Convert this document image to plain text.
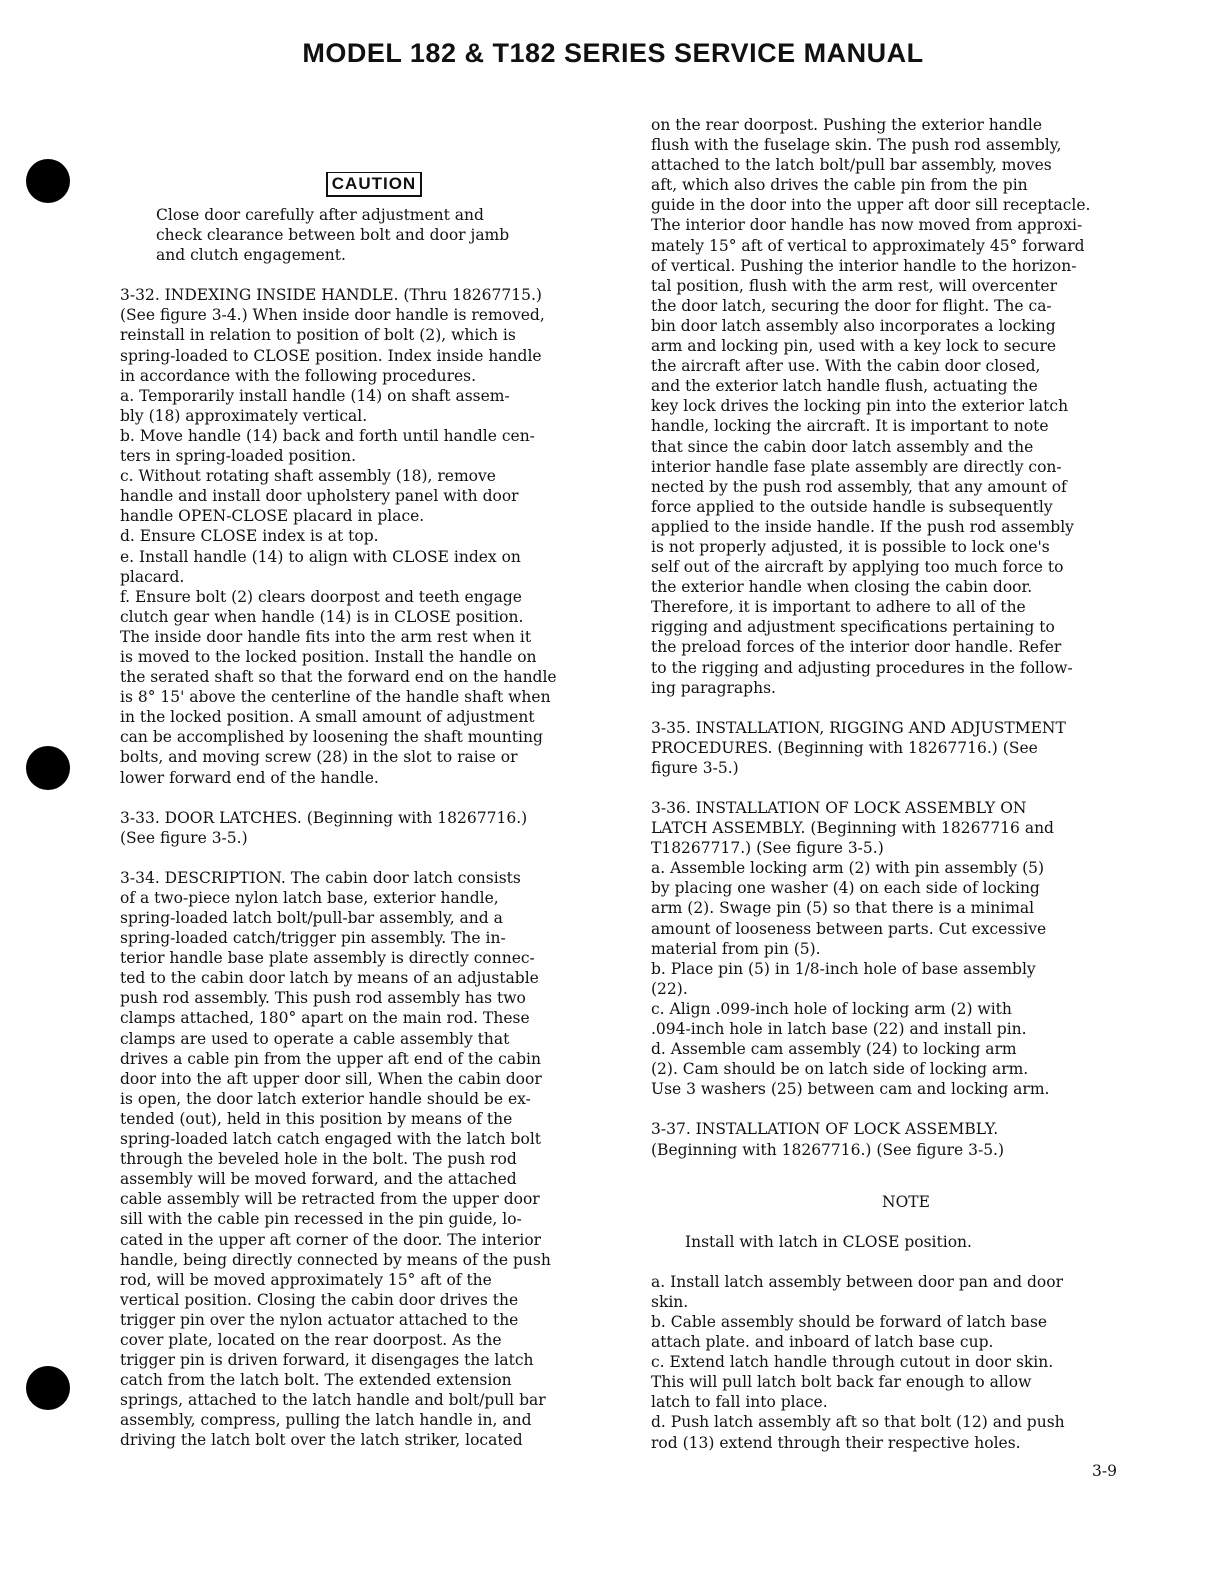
MODEL 182 & T182 SERIES SERVICE MANUAL
CAUTION
Close door carefully after adjustment and
check clearance between bolt and door jamb
and clutch engagement.
3-32. INDEXING INSIDE HANDLE. (Thru 18267715.)
(See figure 3-4.) When inside door handle is removed,
reinstall in relation to position of bolt (2), which is
spring-loaded to CLOSE position. Index inside handle
in accordance with the following procedures.
a. Temporarily install handle (14) on shaft assem-
bly (18) approximately vertical.
b. Move handle (14) back and forth until handle cen-
ters in spring-loaded position.
c. Without rotating shaft assembly (18), remove
handle and install door upholstery panel with door
handle OPEN-CLOSE placard in place.
d. Ensure CLOSE index is at top.
e. Install handle (14) to align with CLOSE index on
placard.
f. Ensure bolt (2) clears doorpost and teeth engage
clutch gear when handle (14) is in CLOSE position.
The inside door handle fits into the arm rest when it
is moved to the locked position. Install the handle on
the serated shaft so that the forward end on the handle
is 8° 15' above the centerline of the handle shaft when
in the locked position. A small amount of adjustment
can be accomplished by loosening the shaft mounting
bolts, and moving screw (28) in the slot to raise or
lower forward end of the handle.
3-33. DOOR LATCHES. (Beginning with 18267716.)
(See figure 3-5.)
3-34. DESCRIPTION. The cabin door latch consists
of a two-piece nylon latch base, exterior handle,
spring-loaded latch bolt/pull-bar assembly, and a
spring-loaded catch/trigger pin assembly. The in-
terior handle base plate assembly is directly connec-
ted to the cabin door latch by means of an adjustable
push rod assembly. This push rod assembly has two
clamps attached, 180° apart on the main rod. These
clamps are used to operate a cable assembly that
drives a cable pin from the upper aft end of the cabin
door into the aft upper door sill, When the cabin door
is open, the door latch exterior handle should be ex-
tended (out), held in this position by means of the
spring-loaded latch catch engaged with the latch bolt
through the beveled hole in the bolt. The push rod
assembly will be moved forward, and the attached
cable assembly will be retracted from the upper door
sill with the cable pin recessed in the pin guide, lo-
cated in the upper aft corner of the door. The interior
handle, being directly connected by means of the push
rod, will be moved approximately 15° aft of the
vertical position. Closing the cabin door drives the
trigger pin over the nylon actuator attached to the
cover plate, located on the rear doorpost. As the
trigger pin is driven forward, it disengages the latch
catch from the latch bolt. The extended extension
springs, attached to the latch handle and bolt/pull bar
assembly, compress, pulling the latch handle in, and
driving the latch bolt over the latch striker, located
on the rear doorpost. Pushing the exterior handle
flush with the fuselage skin. The push rod assembly,
attached to the latch bolt/pull bar assembly, moves
aft, which also drives the cable pin from the pin
guide in the door into the upper aft door sill receptacle.
The interior door handle has now moved from approxi-
mately 15° aft of vertical to approximately 45° forward
of vertical. Pushing the interior handle to the horizon-
tal position, flush with the arm rest, will overcenter
the door latch, securing the door for flight. The ca-
bin door latch assembly also incorporates a locking
arm and locking pin, used with a key lock to secure
the aircraft after use. With the cabin door closed,
and the exterior latch handle flush, actuating the
key lock drives the locking pin into the exterior latch
handle, locking the aircraft. It is important to note
that since the cabin door latch assembly and the
interior handle fase plate assembly are directly con-
nected by the push rod assembly, that any amount of
force applied to the outside handle is subsequently
applied to the inside handle. If the push rod assembly
is not properly adjusted, it is possible to lock one's
self out of the aircraft by applying too much force to
the exterior handle when closing the cabin door.
Therefore, it is important to adhere to all of the
rigging and adjustment specifications pertaining to
the preload forces of the interior door handle. Refer
to the rigging and adjusting procedures in the follow-
ing paragraphs.
3-35. INSTALLATION, RIGGING AND ADJUSTMENT
PROCEDURES. (Beginning with 18267716.) (See
figure 3-5.)
3-36. INSTALLATION OF LOCK ASSEMBLY ON
LATCH ASSEMBLY. (Beginning with 18267716 and
T18267717.) (See figure 3-5.)
a. Assemble locking arm (2) with pin assembly (5)
by placing one washer (4) on each side of locking
arm (2). Swage pin (5) so that there is a minimal
amount of looseness between parts. Cut excessive
material from pin (5).
b. Place pin (5) in 1/8-inch hole of base assembly
(22).
c. Align .099-inch hole of locking arm (2) with
.094-inch hole in latch base (22) and install pin.
d. Assemble cam assembly (24) to locking arm
(2). Cam should be on latch side of locking arm.
Use 3 washers (25) between cam and locking arm.
3-37. INSTALLATION OF LOCK ASSEMBLY.
(Beginning with 18267716.) (See figure 3-5.)
NOTE
Install with latch in CLOSE position.
a. Install latch assembly between door pan and door
skin.
b. Cable assembly should be forward of latch base
attach plate. and inboard of latch base cup.
c. Extend latch handle through cutout in door skin.
This will pull latch bolt back far enough to allow
latch to fall into place.
d. Push latch assembly aft so that bolt (12) and push
rod (13) extend through their respective holes.
3-9
